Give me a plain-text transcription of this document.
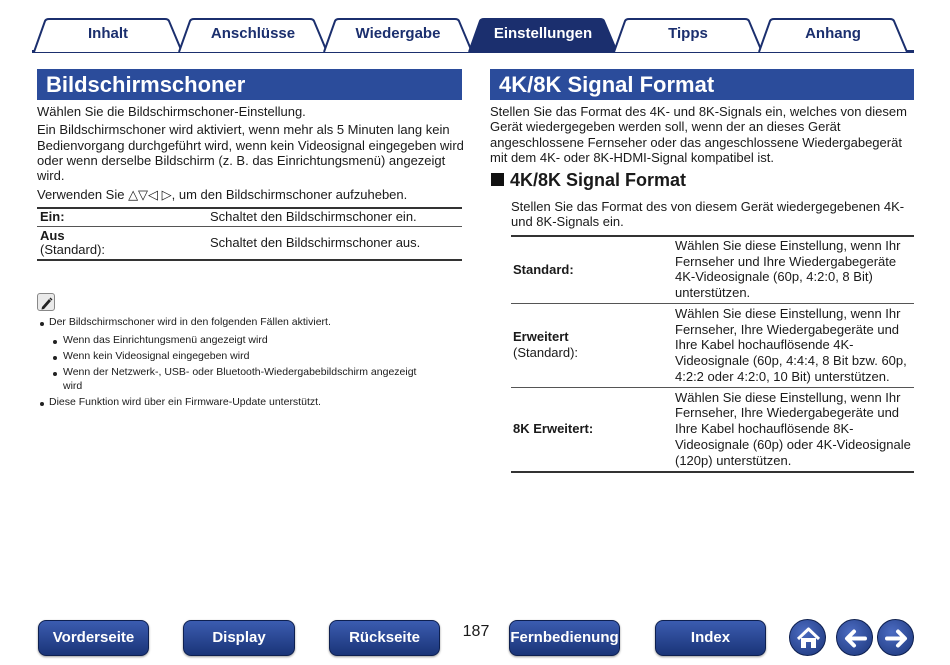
Inhalt	Anschlüsse	Wiedergabe	Einstellungen	Tipps	Anhang
Bildschirmschoner
Wählen Sie die Bildschirmschoner-Einstellung.
Ein Bildschirmschoner wird aktiviert, wenn mehr als 5 Minuten lang kein
Bedienvorgang durchgeführt wird, wenn kein Videosignal eingegeben wird
oder wenn derselbe Bildschirm (z. B. das Einrichtungsmenü) angezeigt
wird.
Verwenden Sie △▽◁ ▷, um den Bildschirmschoner aufzuheben.
Ein:	Schaltet den Bildschirmschoner ein.
Aus
(Standard):	Schaltet den Bildschirmschoner aus.
Der Bildschirmschoner wird in den folgenden Fällen aktiviert.
Wenn das Einrichtungsmenü angezeigt wird
Wenn kein Videosignal eingegeben wird
Wenn der Netzwerk-, USB- oder Bluetooth-Wiedergabebildschirm angezeigt
wird
Diese Funktion wird über ein Firmware-Update unterstützt.
4K/8K Signal Format
Stellen Sie das Format des 4K- und 8K-Signals ein, welches von diesem
Gerät wiedergegeben werden soll, wenn der an dieses Gerät
angeschlossene Fernseher oder das angeschlossene Wiedergabegerät
mit dem 4K- oder 8K-HDMI-Signal kompatibel ist.
4K/8K Signal Format
Stellen Sie das Format des von diesem Gerät wiedergegebenen 4K-
und 8K-Signals ein.
Standard:
Wählen Sie diese Einstellung, wenn Ihr
Fernseher und Ihre Wiedergabegeräte
4K-Videosignale (60p, 4:2:0, 8 Bit)
unterstützen.
Erweitert
(Standard):
Wählen Sie diese Einstellung, wenn Ihr
Fernseher, Ihre Wiedergabegeräte und
Ihre Kabel hochauflösende 4K-
Videosignale (60p, 4:4:4, 8 Bit bzw. 60p,
4:2:2 oder 4:2:0, 10 Bit) unterstützen.
8K Erweitert:
Wählen Sie diese Einstellung, wenn Ihr
Fernseher, Ihre Wiedergabegeräte und
Ihre Kabel hochauflösende 8K-
Videosignale (60p) oder 4K-Videosignale
(120p) unterstützen.
Vorderseite	Display	Rückseite	187	Fernbedienung	Index
